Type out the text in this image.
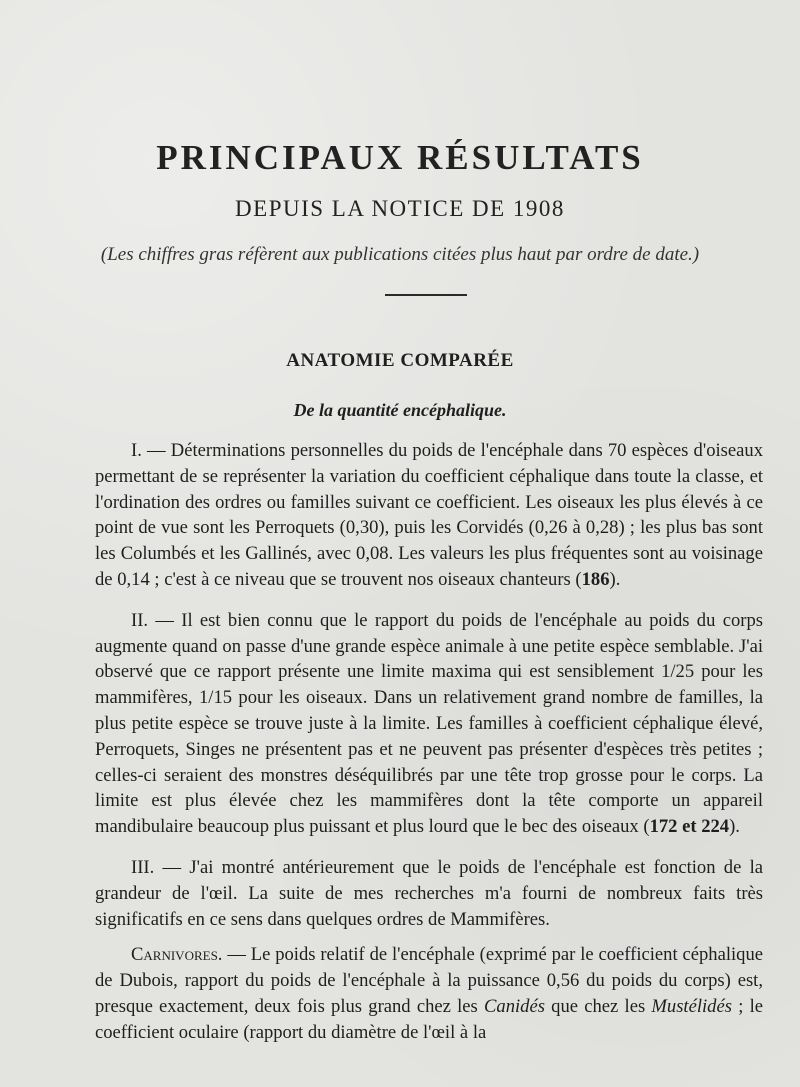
PRINCIPAUX RÉSULTATS
DEPUIS LA NOTICE DE 1908
(Les chiffres gras réfèrent aux publications citées plus haut par ordre de date.)
ANATOMIE COMPARÉE
De la quantité encéphalique.

I. — Déterminations personnelles du poids de l'encéphale dans 70 espèces d'oiseaux permettant de se représenter la variation du coefficient céphalique dans toute la classe, et l'ordination des ordres ou familles suivant ce coefficient. Les oiseaux les plus élevés à ce point de vue sont les Perroquets (0,30), puis les Corvidés (0,26 à 0,28) ; les plus bas sont les Columbés et les Gallinés, avec 0,08. Les valeurs les plus fréquentes sont au voisinage de 0,14 ; c'est à ce niveau que se trouvent nos oiseaux chanteurs (186).

II. — Il est bien connu que le rapport du poids de l'encéphale au poids du corps augmente quand on passe d'une grande espèce animale à une petite espèce semblable. J'ai observé que ce rapport présente une limite maxima qui est sensiblement 1/25 pour les mammifères, 1/15 pour les oiseaux. Dans un relativement grand nombre de familles, la plus petite espèce se trouve juste à la limite. Les familles à coefficient céphalique élevé, Perroquets, Singes ne présentent pas et ne peuvent pas présenter d'espèces très petites ; celles-ci seraient des monstres déséquilibrés par une tête trop grosse pour le corps. La limite est plus élevée chez les mammifères dont la tête comporte un appareil mandibulaire beaucoup plus puissant et plus lourd que le bec des oiseaux (172 et 224).

III. — J'ai montré antérieurement que le poids de l'encéphale est fonction de la grandeur de l'œil. La suite de mes recherches m'a fourni de nombreux faits très significatifs en ce sens dans quelques ordres de Mammifères.

Carnivores. — Le poids relatif de l'encéphale (exprimé par le coefficient céphalique de Dubois, rapport du poids de l'encéphale à la puissance 0,56 du poids du corps) est, presque exactement, deux fois plus grand chez les Canidés que chez les Mustélidés ; le coefficient oculaire (rapport du diamètre de l'œil à la
